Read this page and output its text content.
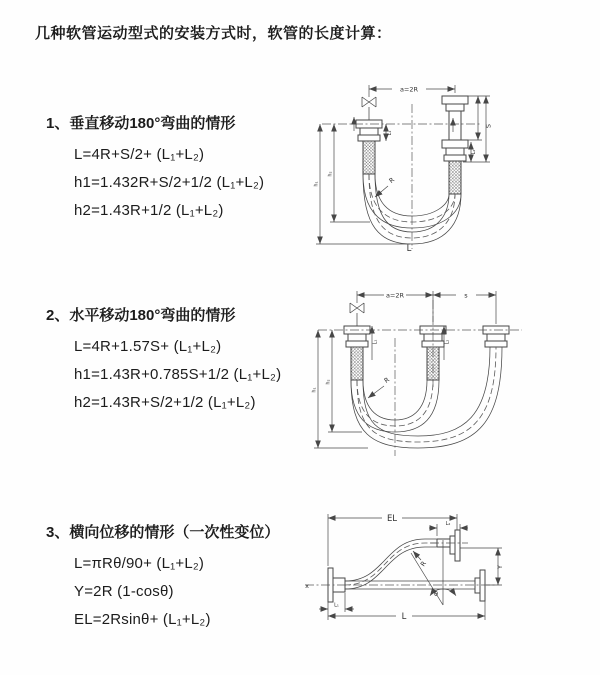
几种软管运动型式的安装方式时，软管的长度计算：
1、垂直移动180°弯曲的情形
L=4R+S/2+ (L₁+L₂)
h1=1.432R+S/2+1/2 (L₁+L₂)
h2=1.43R+1/2 (L₁+L₂)
2、水平移动180°弯曲的情形
L=4R+1.57S+ (L₁+L₂)
h1=1.43R+0.785S+1/2 (L₁+L₂)
h2=1.43R+S/2+1/2 (L₁+L₂)
3、横向位移的情形（一次性变位）
L=πRθ/90+ (L₁+L₂)
Y=2R (1-cosθ)
EL=2Rsinθ+ (L₁+L₂)
a=2R
h₁
h₂
L₁
S
L₂
R
L
a=2R	s
h₁
h₂
L₁	L₂
R
EL	L₂
θ
R	Y
L₁
L
x
